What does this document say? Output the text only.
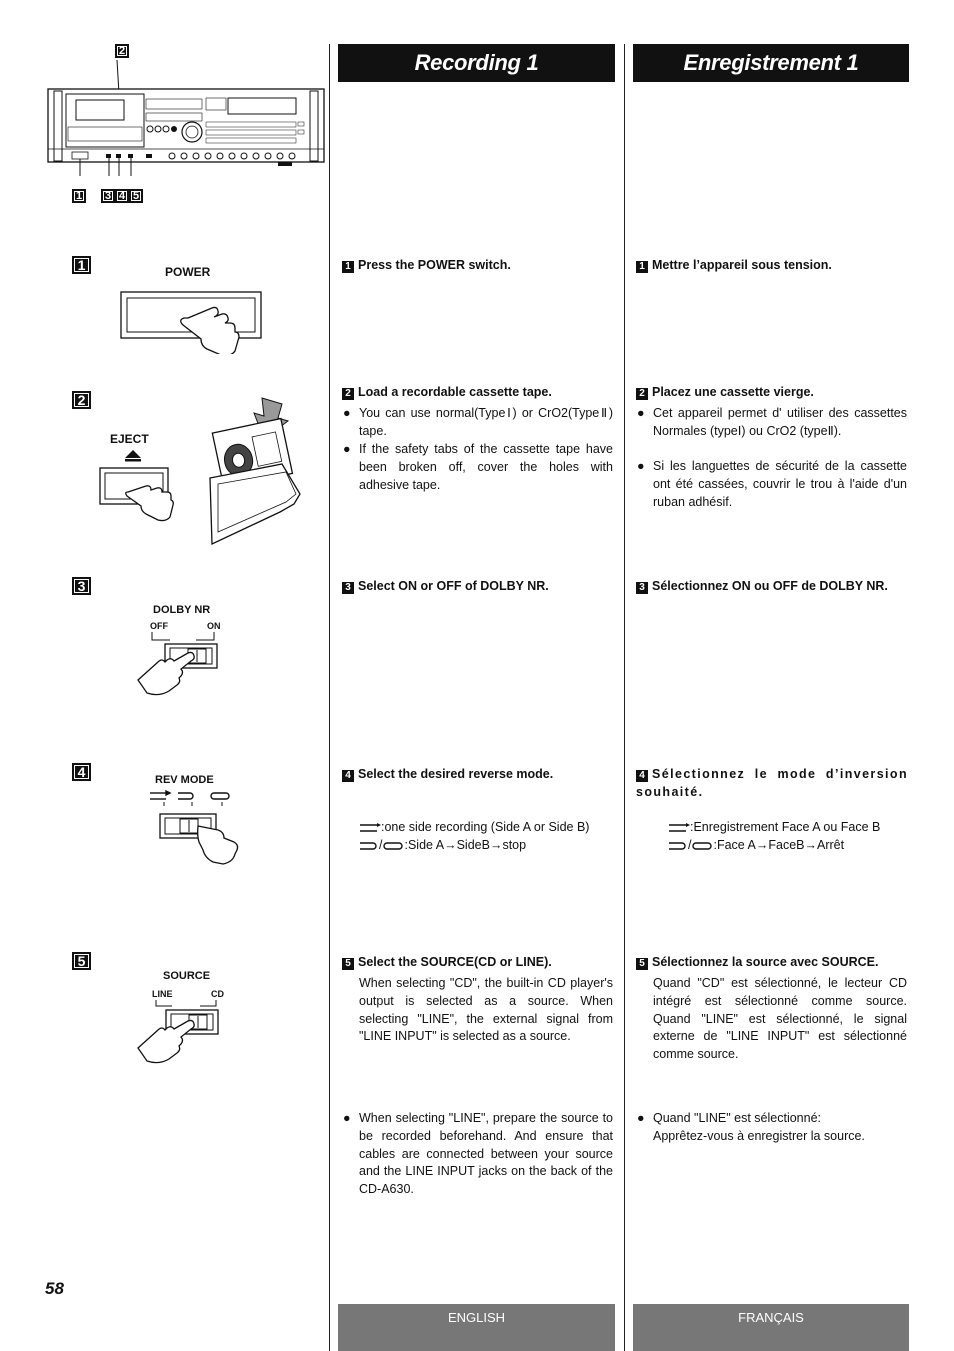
Recording 1	Enregistrement 1
2
1	3 4 5
1
2
3
4
5
POWER
EJECT
DOLBY NR
OFF	ON
REV MODE
SOURCE
LINE	CD
1 Press the POWER switch.
2 Load a recordable cassette tape.
● You can use normal(TypeⅠ) or CrO2(TypeⅡ) tape.
● If the safety tabs of the cassette tape have been broken off, cover the holes with adhesive tape.
3 Select ON or OFF of DOLBY NR.
4 Select the desired reverse mode.
:one side recording (Side A or Side B)
/ :Side A→SideB→stop
5 Select the SOURCE(CD or LINE).
When selecting "CD", the built-in CD player's output is selected as a source. When selecting "LINE", the external signal from "LINE INPUT" is selected as a source.
● When selecting "LINE", prepare the source to be recorded beforehand. And ensure that cables are connected between your source and the LINE INPUT jacks on the back of the CD-A630.
1 Mettre l’appareil sous tension.
2 Placez une cassette vierge.
● Cet appareil permet d' utiliser des cassettes Normales (typeⅠ) ou CrO2 (typeⅡ).
● Si les languettes de sécurité de la cassette ont été cassées, couvrir le trou à l'aide d'un ruban adhésif.
3 Sélectionnez ON ou OFF de DOLBY NR.
4 Sélectionnez le mode d’inversion souhaité.
:Enregistrement Face A ou Face B
/ :Face A→FaceB→Arrêt
5 Sélectionnez la source avec SOURCE.
Quand "CD" est sélectionné, le lecteur CD intégré est sélectionné comme source. Quand "LINE" est sélectionné, le signal externe de "LINE INPUT" est sélectionné comme source.
● Quand "LINE" est sélectionné:
Apprêtez-vous à enregistrer la source.
58
ENGLISH	FRANÇAIS
